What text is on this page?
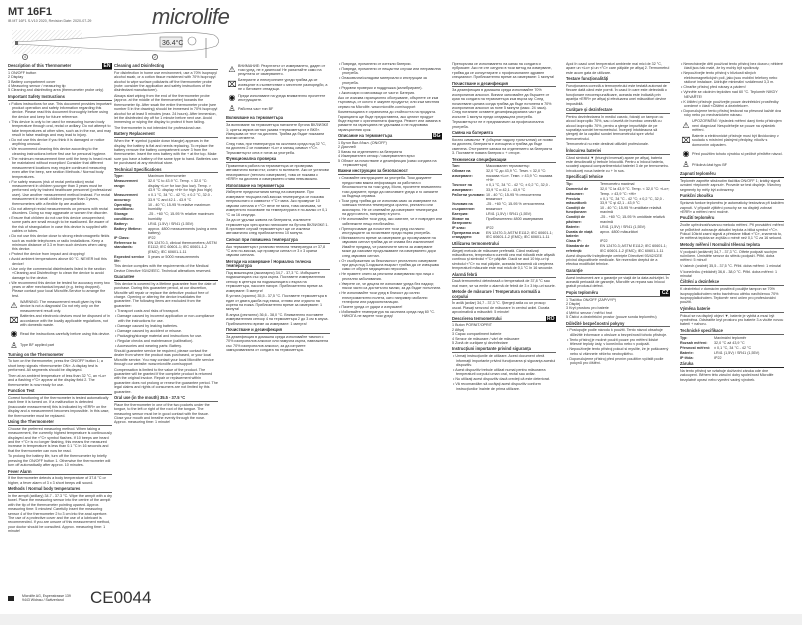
MT 16F1
IB MT 16F1 S-V10 2020, Revision Date: 2020-07-29	microlife
36.4°C
4	2
Description of this Thermometer	EN
1 ON/OFF button
2 Display
3 Battery compartment cover
4 Measuring sensor / measuring tip
5 Cleaning and disinfecting area (thermometer probe only)
Important Safety Instructions
• Follow instructions for use. This document provides important product operation and safety information regarding this device. Please read this document thoroughly before using the device and keep for future reference.
• This device is only to be used for measuring human body temperature through oral, rectal or axillary. Do not attempt to take temperatures at other sites, such as in the ear, and may result in false readings and may lead to injury.
• Do not use this device if you think it is damaged or notice anything unusual.
• We recommend cleaning this device according to the cleaning instructions before first use for personal hygiene.
• The minimum measurement time until the beep is heard must be maintained without exception! Consider that different measurement locations may require continued measuring even after the beep, see section Methods / Normal body temperatures.
• For safety reasons (risk of rectal perforation) rectal measurement in children younger than 3 years must be performed only by trained healthcare personnel (professional user). Use another measurement method instead. For rectal measurement in small children younger than 3 years, thermometers with a flexible tip are available.
• Do not attempt rectal measurements on persons with rectal disorders. Doing so may aggravate or worsen the disorder.
• Ensure that children do not use this device unsupervised; some parts are small enough to be swallowed. Be aware of the risk of strangulation in case this device is supplied with cables or tubes.
• Do not use this device close to strong electromagnetic fields such as mobile telephones or radio installations. Keep a minimum distance of 3.3 m from such devices when using this device.
• Protect the device from impact and dropping!
• Avoid ambient temperatures above 60 °C. NEVER boil this device!
• Use only the commercial disinfectants listed in the section «Cleaning and Disinfecting» to clean the device to avoid damage to the device.
• We recommend this device be tested for accuracy every two years or after mechanical impact (e.g. being dropped). Please contact your local Microlife-Service to arrange the test.
⚠ WARNING: The measurement result given by this device is not a diagnosis! Do not rely only on the measurement result only.
⌧ Batteries and electronic devices must be disposed of in accordance with the locally applicable regulations, not with domestic waste.
◉ Read the instructions carefully before using this device.
♙ Type BF applied part
Turning on the Thermometer
To turn on the thermometer, press the ON/OFF button 1; a short beep signals «thermometer ON». A display test is performed. All segments should be displayed.
Then at an ambient temperature of less than 32 °C, an «Lo» and a flashing «°C» appear at the display field 2. The thermometer is now ready for use.
Function Test
Correct functioning of the thermometer is tested automatically each time it is turned on. If a malfunction is detected (inaccurate measurement) this is indicated by «ERR» on the display and a measurement becomes impossible. In this case, the thermometer must be replaced.
Using the Thermometer
Choose the preferred measuring method. When taking a measurement, the currently highest temperature is continuously displayed and the «°C» symbol flashes. If 10 beeps are heard and the «°C» is no longer flashing, this means the measured increase in temperature is less than 0.1 °C in 16 seconds and that the thermometer can now be read.
To prolong the battery life, turn off the thermometer by briefly pressing the ON/OFF button 1. Otherwise the thermometer will turn off automatically after approx. 10 minutes.
Fever Alarm
If the thermometer detects a body temperature of 37.8 °C or higher, a fever alarm of 3 x 3 short beeps will sound.
Methods / Normal body temperatures
In the armpit (axillary) 34.7 - 37.3 °C. Wipe the armpit with a dry towel. Place the measuring sensor into the centre of the armpit with the tip of the thermometer pointing upward. Approx. measuring time: 5 minutes! Carefully insert the measuring sensor 4 of the thermometer 2 to 3 cm into the anal aperture. The use of a protective cover and the use of a lubricant is recommended. If you are unsure of this measurement method, your doctor should be consulted. Approx. measuring time: 1 minute!
Cleaning and Disinfecting
For disinfection in home use environment, use a 70% Isopropyl alcohol swab, or a cotton tissue moistened with 70% Isopropyl alcohol to wipe surface pollutants off the thermometer probe (note: consider the application and safety instructions of the disinfectant manufacturer).
Always start wiping from the end of the thermometer probe (approx. at the middle of the thermometer) towards the thermometer tip. After swab the entire thermometer probe (see number 5 in the drawing) should be immersed in 70% Isopropyl alcohol for at least 5 minutes (max. 24 hours). After immersion, let the disinfected dry off for 1 minute before next use. Avoid immersing or wiping the display to protect it from failing.
The thermometer is not intended for professional use.
Battery Replacement
When the ▼ symbol (upside down triangle) appears in the display, the battery is flat and needs replacing. To replace the battery remove the battery compartment cover 3 from the thermometer. Insert the new battery with the + at the top. Make sure you have a battery of the same type to hand. Batteries can be purchased at any electrical store.
Technical Specifications
Type:	Maximum thermometer
Measurement range:
32.0 °C to 43.9 °C. Temp. < 32.0 °C: display «Lo» for low (too low). Temp. > 43.9 °C: display «Hi» for high (too high)
Measurement accuracy:
± 0.1 °C, 34 °C - 42 °C; ± 0.2 °C, 32.0 - 33.9 °C and 42.1 - 43.9 °C
Operating conditions:
10 - 40 °C; 15-95 % relative maximum humidity
Storage conditions:
-25 - +60 °C; 15-95 % relative maximum humidity
Battery:	LR41 (1.5V) / SR41 (1.55V)
Battery lifetime:	approx. 4800 measurements (using a new battery)
IP Class:	IP22
Reference to standards:
EN 12470-3, clinical thermometers; ASTM E1112; IEC 60601-1; IEC 60601-1-2 (EMC); IEC 60601-1-11
Expected service life:
5 years or 5000 measurements
This device complies with the requirements of the Medical Device Directive 93/42/EEC. Technical alterations reserved.
Guarantee
This device is covered by a lifetime guarantee from the date of purchase. During this guarantee period, at our discretion, Microlife will repair or replace the defective product free of charge. Opening or altering the device invalidates the guarantee. The following items are excluded from the guarantee:
• Transport costs and risks of transport.
• Damage caused by incorrect application or non-compliance with the instructions for use.
• Damage caused by leaking batteries.
• Damage caused by accident or misuse.
• Packaging/storage material and instructions for use.
• Regular checks and maintenance (calibration).
• Accessories and wearing parts: Battery.
Should guarantee service be required, please contact the dealer from where the product was purchased, or your local Microlife service. You may contact your local Microlife service through our website: www.microlife.com/support
Compensation is limited to the value of the product. The guarantee will be granted if the complete product is returned with the original invoice. Repair or replacement within guarantee does not prolong or renew the guarantee period. The legal claims and rights of consumers are not limited by this guarantee.
Oral use (in the mouth) 35.5 - 37.5 °C
Place the thermometer in one of the two pockets under the tongue, to the left or right of the root of the tongue. The measuring sensor must be in good contact with the tissue. Close your mouth and breathe evenly through the nose. Approx. measuring time: 1 minute!
⚠ ВНИМАНИЕ: Резултатът от измерването, даден от този уред, не е диагноза! Не разчитайте само на резултата от измерването.
⌧ Батериите и електронните уреди трябва да се изхвърлят в съответствие с местните разпоредби, а не с битовите отпадъци.
◉ Преди използване на уреда внимателно прочетете инструкциите.
♙ Работна част тип BF
Включване на термометъра
За включване на термометъра натиснете бутона ВКЛ/ИЗКЛ 1; кратък звуков сигнал указва «термометърът е ВКЛ». Извършва се тест на дисплея. Трябва да бъдат показани всички сегменти.
След това, при температура на околната среда под 32 °C, на дисплея 2 се появяват «Lo» и мигащ символ «°C». Термометърът сега е готов за употреба.
Функционална проверка
Правилната работа на термометъра се проверява автоматично всеки път, когато го включите. Ако се установи неизправност (неточно измерване), това се показва с «ERR» на дисплея и измерването става невъзможно.
Използване на термометъра
Изберете предпочитания метод на измерване. При измерване текущата най-висока температура се показва непрекъснато и символът «°C» мига. Ако прозвучат 10 звукови сигнала и «°C» вече не мига, това означава, че измереното покачване на температурата е по-малко от 0,1 °C за 16 секунди.
За да се удължи живота на батерията, изключете термометъра чрез кратко натискане на бутона ВКЛ/ИЗКЛ 1. В противен случай термометърът ще се изключи автоматично след приблизително 10 минути.
Сигнал при повишена температура
Ако термометърът установи телесна температура от 37,8 °C или по-висока, ще прозвучи сигнал от 3 x 3 кратки звукови сигнала.
Методи на измерване / Нормална телесна температура
Под мишницата (аксиларно) 34,7 - 37,3 °C. Избършете подмишницата със суха кърпа. Поставете измервателния сензор в центъра на подмишницата с върха на термометъра, насочен нагоре. Приблизително време за измерване: 5 минути!
В устата (орално) 35,5 - 37,5 °C. Поставете термометъра в един от двата джоба под езика, отляво или отдясно на корена на езика. Приблизително време за измерване: 1 минута!
В ануса (ректално) 36,6 - 38,0 °C. Внимателно поставете измервателния сензор 4 на термометъра 2 до 3 см в ануса. Приблизително време за измерване: 1 минута!
Почистване и дезинфекция
За дезинфекция в домашна среда използвайте тампон с 70% изопропилов алкохол или памучна кърпа, навлажнена със 70% изопропилов алкохол, за да изтриете замърсяванията от сондата на термометъра.
• Повреди, причинени от изтекли батерии.
• Повреди, причинени от нещастни случаи или неправилна употреба.
• Опаковъчни/складови материали и инструкции за употреба.
• Редовни проверки и поддръжка (калибриране).
• Аксесоари и износващи се части: Батерия.
Ако се изисква гаранционно обслужване, обърнете се към търговеца, от когото е закупен продуктът, или към местния сервиз на Microlife. www.microlife.com/support
Компенсацията е ограничена до стойността на продукта. Гаранцията ще бъде предоставена, ако целият продукт бъде върнат с оригиналната фактура. Ремонт или замяна в рамките на гаранцията не удължава и не подновява гаранционния срок.
Описание на термометъра	BG
1 Бутон Вкл./Изкл. (ON/OFF)
2 Дисплей
3 Капак на отделението за батерията
4 Измервателен сензор / измервателен връх
5 Област за почистване и дезинфекция (само сондата на термометъра)
Важни инструкции за безопасност
• Спазвайте инструкциите за употреба. Този документ предоставя важна информация за работата и безопасността на този уред. Моля, прочетете внимателно този документ, преди да използвате уреда и го запазете за бъдеща справка.
• Този уред трябва да се използва само за измерване на човешка телесна температура орално, ректално или аксиларно. Не се опитвайте да измервате температура на други места, например в ухото.
• Не използвайте този уред, ако смятате, че е повреден или забележите нещо необичайно.
• Препоръчваме да почистите този уред съгласно инструкциите за почистване преди първа употреба.
• Минималното време за измерване до прозвучаване на звуковия сигнал трябва да се спазва без изключение! Имайте предвид, че различните места за измерване може да изискват продължаване на измерването дори след звуковия сигнал.
• От съображения за безопасност ректалното измерване при деца под 3-годишна възраст трябва да се извършва само от обучен медицински персонал.
• Не правете опити за ректални измервания при лица с ректални заболявания.
• Уверете се, че децата не използват уреда без надзор; някои части са достатъчно малки, за да бъдат погълнати.
• Не използвайте този уред в близост до силни електромагнитни полета, като например мобилни телефони или радиоинсталации.
• Пазете уреда от удари и изпускане!
• Избягвайте температура на околната среда над 60 °C. НИКОГА не варете този уред!
Препоръчва се използването на капак на сондата и лубрикант. Ако не сте сигурни в този метод на измерване, трябва да се консултирате с професионален здравен специалист. Приблизително време за измерване: 1 минута!
Почистване и дезинфекция
За дезинфекция в домашна среда използвайте 70% изопропилов алкохол. Винаги започвайте да бършете от края на сондата на термометъра към върха му. След почистване цялата сонда трябва да бъде потопена в 70% изопропилов алкохол за поне 5 минути (макс. 24 часа). След потапяне оставете дезинфекцираната част да изсъхне 1 минута преди следващата употреба.
Термометърът не е предназначен за професионална употреба.
Смяна на батерията
Когато символът ▼ (обърнат надолу триъгълник) се появи на дисплея, батерията е изтощена и трябва да бъде сменена. Отстранете капака на отделението за батерията 3. Поставете новата батерия с + отгоре.
Технически спецификации
Тип:	Максимален термометър
Обхват на измерване:
32,0 °C до 43,9 °C. Темп. < 32,0 °C: показва «Lo». Темп. > 43,9 °C: показва «Hi»
Точност на измерване:
± 0,1 °C, 34 °C - 42 °C; ± 0,2 °C, 32,0 - 33,9 °C и 42,1 - 43,9 °C
Работни условия: 10 - 40 °C; 15-95 % относителна влажност
Условия на съхранение:
-25 - +60 °C; 15-95 % относителна влажност
Батерия:	LR41 (1,5V) / SR41 (1,55V)
Живот на батерията:
Приблизително 4800 измервания
IP клас:	IP22
Препратка към стандарти:
EN 12470-3; ASTM E1112; IEC 60601-1; IEC 60601-1-2 (EMC); IEC 60601-1-11
Utilizarea termometrului
Alegeţi metoda de măsurare preferată. Când realizaţi măsurătorea, temperatura curentă cea mai ridicată este afişată continuu şi simbolul «°C» pâlpâie. Dacă se aud 10 bip-uri şi simbolul «°C» nu mai pâlpâie, aceasta înseamnă că creşterea temperaturii măsurate este mai mică de 0,1 °C în 16 secunde.
Alarmă febră
Dacă termometrul detectează o temperatură de 37,8 °C sau mai mare, se va emite o alarmă de febră de 3 x 3 bip-uri scurte.
Metode de măsurare / Temperatura normală a corpului
În axilă (axilar) 34,7 - 37,3 °C. Ştergeţi axila cu un prosop uscat. Plasaţi senzorul de măsurare în centrul axilei. Durata aproximativă a măsurării: 5 minute!
Descrierea termometrului	RO
1 Buton PORNIT/OPRIT
2 Afişaj
3 Capac compartiment baterie
4 Senzor de măsurare / vârf de măsurare
5 Zonă de curăţare şi dezinfectare
Instrucţiuni importante privind siguranţa
• Urmaţi instrucţiunile de utilizare. Acest document oferă informaţii importante privind funcţionarea şi siguranţa acestui dispozitiv.
• Acest dispozitiv trebuie utilizat numai pentru măsurarea temperaturii corpului uman oral, rectal sau axilar.
• Nu utilizaţi acest dispozitiv dacă credeţi că este deteriorat.
• Vă recomandăm să curăţaţi acest dispozitiv conform instrucţiunilor înainte de prima utilizare.
Apoi în cazul unei temperaturi ambiente mai mici de 32 °C, apare un «Lo» şi un «°C» care pâlpâie pe afişaj 2. Termometrul este acum gata de utilizare.
Testare funcţionalităţi
Funcţionarea corectă a termometrului este testată automat de fiecare dată când este pornit. În cazul în care este detectată o funcţionare necorespunzătoare, aceasta este indicată prin apariţia «ERR» pe afişaj şi efectuarea unei măsurători devine imposibilă.
Curăţare şi dezinfectare
Pentru dezinfectarea în mediul casnic, folosiţi un tampon cu alcool izopropilic 70%, sau o lavetă de bumbac umezită cu alcool izopropilic 70%, pentru a şterge impurităţile de pe suprafaţa sondei termometrului. Începeţi întotdeauna să ştergeţi de la capătul sondei termometrului spre vârful termometrului.
Termometrul nu este destinat utilizării profesionale.
Înlocuirea bateriei
Când simbolul ▼ (triunghi inversat) apare pe afişaj, bateria este descărcată şi trebuie înlocuită. Pentru a înlocui bateria, scoateţi capacul compartimentului bateriei 3 de pe termometru. Introduceţi noua baterie cu + în sus.
Specificaţii tehnice
Tip:	Termometru maximal
Domeniul de măsurare:
32,0 °C la 43,9 °C. Temp. < 32,0 °C: «Lo»; Temp. > 43,9 °C: «Hi»
Precizia măsurătorii:
± 0,1 °C, 34 °C - 42 °C; ± 0,2 °C, 32,0 - 33,9 °C şi 42,1 - 43,9 °C
Condiţii de funcţionare:
10 - 40 °C; 15-95 % umiditate relativă maximă
Condiţii de păstrare:
-25 - +60 °C; 15-95 % umiditate relativă maximă
Baterie:	LR41 (1,5V) / SR41 (1,55V)
Durata de viaţă baterie:
aprox. 4800 măsurători
Clasa IP:	IP22
Standarde de referinţă:
EN 12470-3; ASTM E1112; IEC 60601-1; IEC 60601-1-2 (EMC); IEC 60601-1-11
Acest dispozitiv îndeplineşte cerinţele Directivei 93/42/CEE privind dispozitivele medicale. Ne rezervăm dreptul de a efectua modificări tehnice.
Garanţie
Acest instrument are o garanţie pe viaţă de la data achiziţiei. În această perioadă de garanţie, Microlife va repara sau înlocui gratuit produsul defect.
Popis teploměru	CZ
1 Tlačítko ON/OFF (ZAP/VYP)
2 Displej
3 Kryt prostoru pro baterie
4 Měřící senzor / měřící hrot
5 Čistící a dezinfekční prostor (pouze sonda teploměru)
Důležité bezpečnostní pokyny
• Postupujte podle návodu k použití. Tento návod obsahuje důležité informace o obsluze a bezpečnosti tohoto přístroje.
• Tento přístroj je možné použít pouze pro měření lidské tělesné teploty ústy, v konečníku nebo v podpaží.
• Nepoužívejte tento přístroj pokud si myslíte, že je poškozený nebo si všimnete něčeho neobvyklého.
• Doporučujeme přístroj před prvním použitím vyčistit podle pokynů pro čištění.
• Nenechávejte děti používat tento přístroj bez dozoru; některé části jsou tak malé, že by mohly být spolknuty.
• Nepoužívejte tento přístroj v blízkosti silných elektromagnetických polí, jako jsou mobilní telefony nebo rádiové instalace. Udržujte minimální vzdálenost 3,3 m.
• Chraňte přístroj před nárazy a pádem!
• Vyhněte se okolním teplotám nad 60 °C. Teploměr NIKDY NEVAŘTE!
• K čištění přístroje používejte pouze dezinfekční prostředky uvedené v části «Čištění a dezinfekce».
• Doporučujeme tento přístroj testovat na přesnost každé dva roky nebo po mechanickém nárazu.
⚠ UPOZORNĚNÍ: Výsledek měření daný tímto přístrojem není diagnóza! Nespoléhejte se pouze na výsledek měření.
⌧ Baterie a elektronické přístroje musí být likvidovány v souladu s místními platnými předpisy, nikoliv s domovním odpadem.
◉ Před použitím tohoto výrobku si pečlivě přečtěte návod.
♙ Příložná část typu BF
Zapnutí teploměru
Teploměr zapněte stisknutím tlačítka ON/OFF 1; krátký signál oznámí «teploměr zapnut». Provede se test displeje. Všechny segmenty by měly být zobrazeny.
Funkční zkouška
Správná funkce teploměru je automaticky testována při každém zapnutí. V případě zjištění poruchy se na displeji zobrazí «ERR» a měření není možné.
Použití teploměru
Zvolte upřednostňovanou metodu měření. Při provádění měření se průběžně zobrazuje aktuální teplota a bliká symbol «°C». Pokud 10krát zazní signál a přestane blikat «°C», znamená to, že měřená teplota se zvýšila o méně než 0,1 °C za 16 sekund.
Metody měření / Normální tělesná teplota
V podpaží (axilárně) 34,7 - 37,3 °C. Otřete podpaží suchým ručníkem. Umístěte senzor do středu podpaží. Přibl. doba měření: 5 minut!
V ústech (orálně) 35,5 - 37,5 °C. Přibl. doba měření: 1 minuta!
V konečníku (rektálně) 36,6 - 38,0 °C. Přibl. doba měření: 1 minuta!
Čištění a dezinfekce
K dezinfekci v domácím prostředí použijte tampon se 70% isopropylalkoholem nebo bavlněnou utěrku navlhčenou 70% isopropylalkoholem. Teploměr není určen pro profesionální použití.
Výměna baterie
Pokud se na displeji objeví ▼, baterie je vybitá a musí být vyměněna. Odstraňte kryt prostoru pro baterie 3 a vložte novou baterii + nahoru.
Technické specifikace
Typ:	Maximální teploměr
Rozsah měření:	32,0 °C až 43,9 °C
Přesnost měření:	± 0,1 °C, 34 °C - 42 °C
Baterie:	LR41 (1,5V) / SR41 (1,55V)
IP třída:	IP22
Záruka
Na tento přístroj se vztahuje doživotní záruka ode dne zakoupení. Během této záruční doby společnost Microlife bezplatně opraví nebo vymění vadný výrobek.
Microlife AG, Espenstrasse 139
9443 Widnau / Switzerland	CE0044
